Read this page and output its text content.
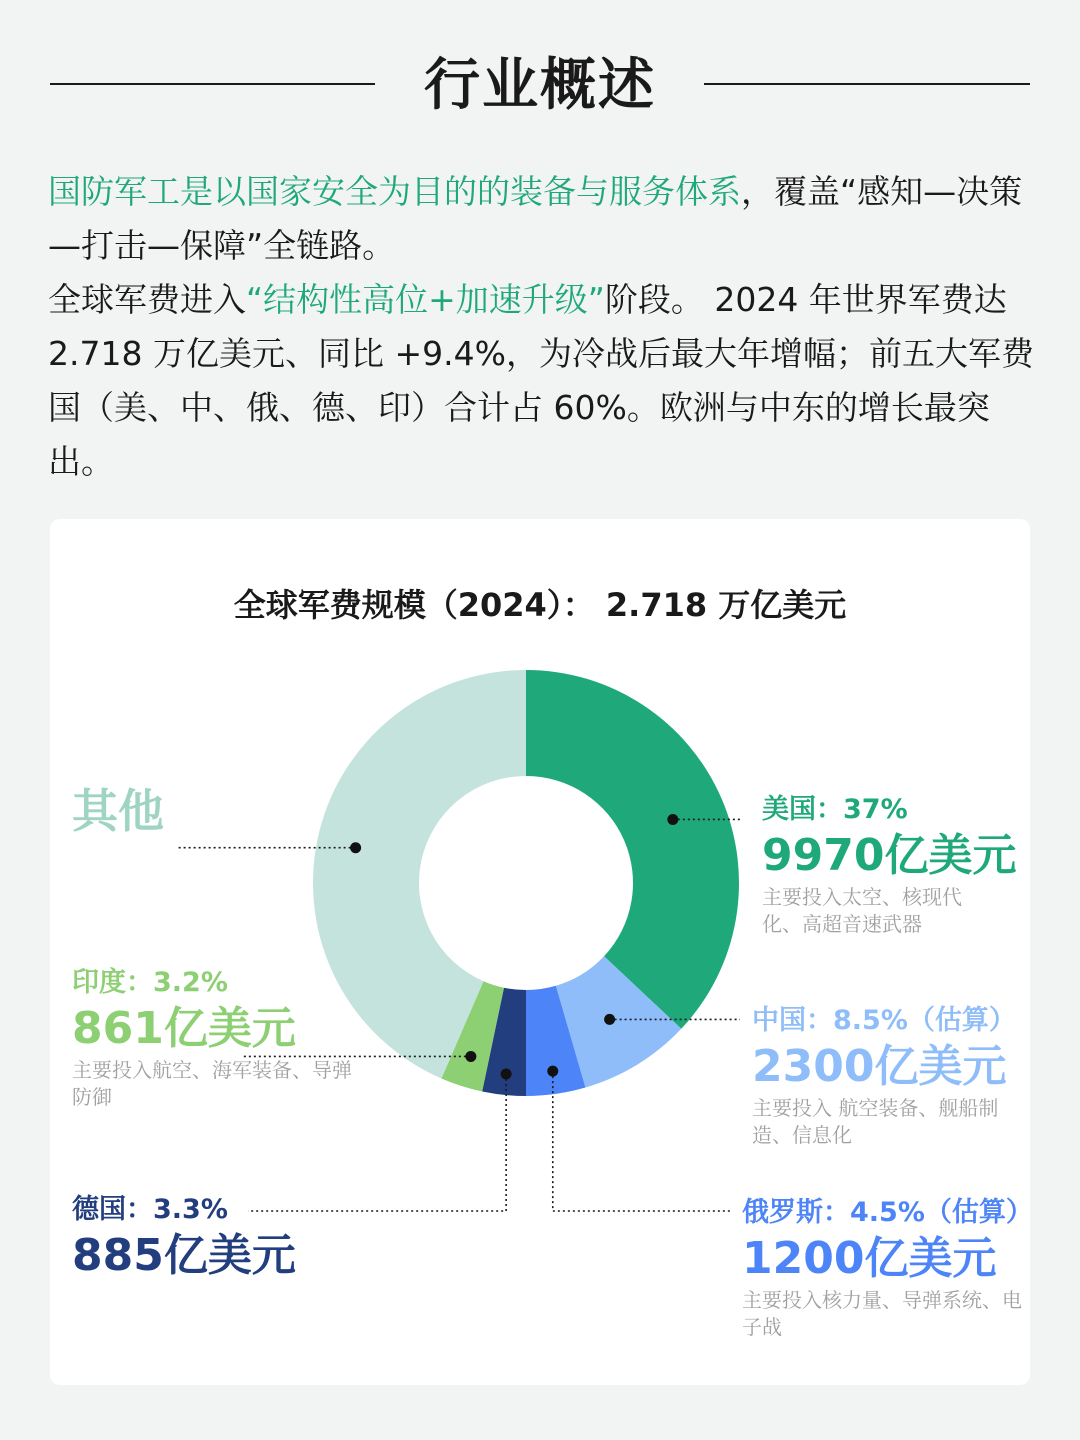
行业概述
国防军工是以国家安全为目的的装备与服务体系，覆盖“感知—决策—打击—保障”全链路。
全球军费进入“结构性高位+加速升级”阶段。 2024 年世界军费达 2.718 万亿美元、同比 +9.4%，为冷战后最大年增幅；前五大军费国（美、中、俄、德、印）合计占 60%。欧洲与中东的增长最突出。
全球军费规模（2024）： 2.718 万亿美元
其他	美国：37%
9970亿美元
主要投入太空、核现代化、高超音速武器
中国：8.5%（估算）
2300亿美元
主要投入 航空装备、舰船制造、信息化
俄罗斯：4.5%（估算）
1200亿美元
主要投入核力量、导弹系统、电子战
德国：3.3%
885亿美元
印度：3.2%
861亿美元
主要投入航空、海军装备、导弹防御
